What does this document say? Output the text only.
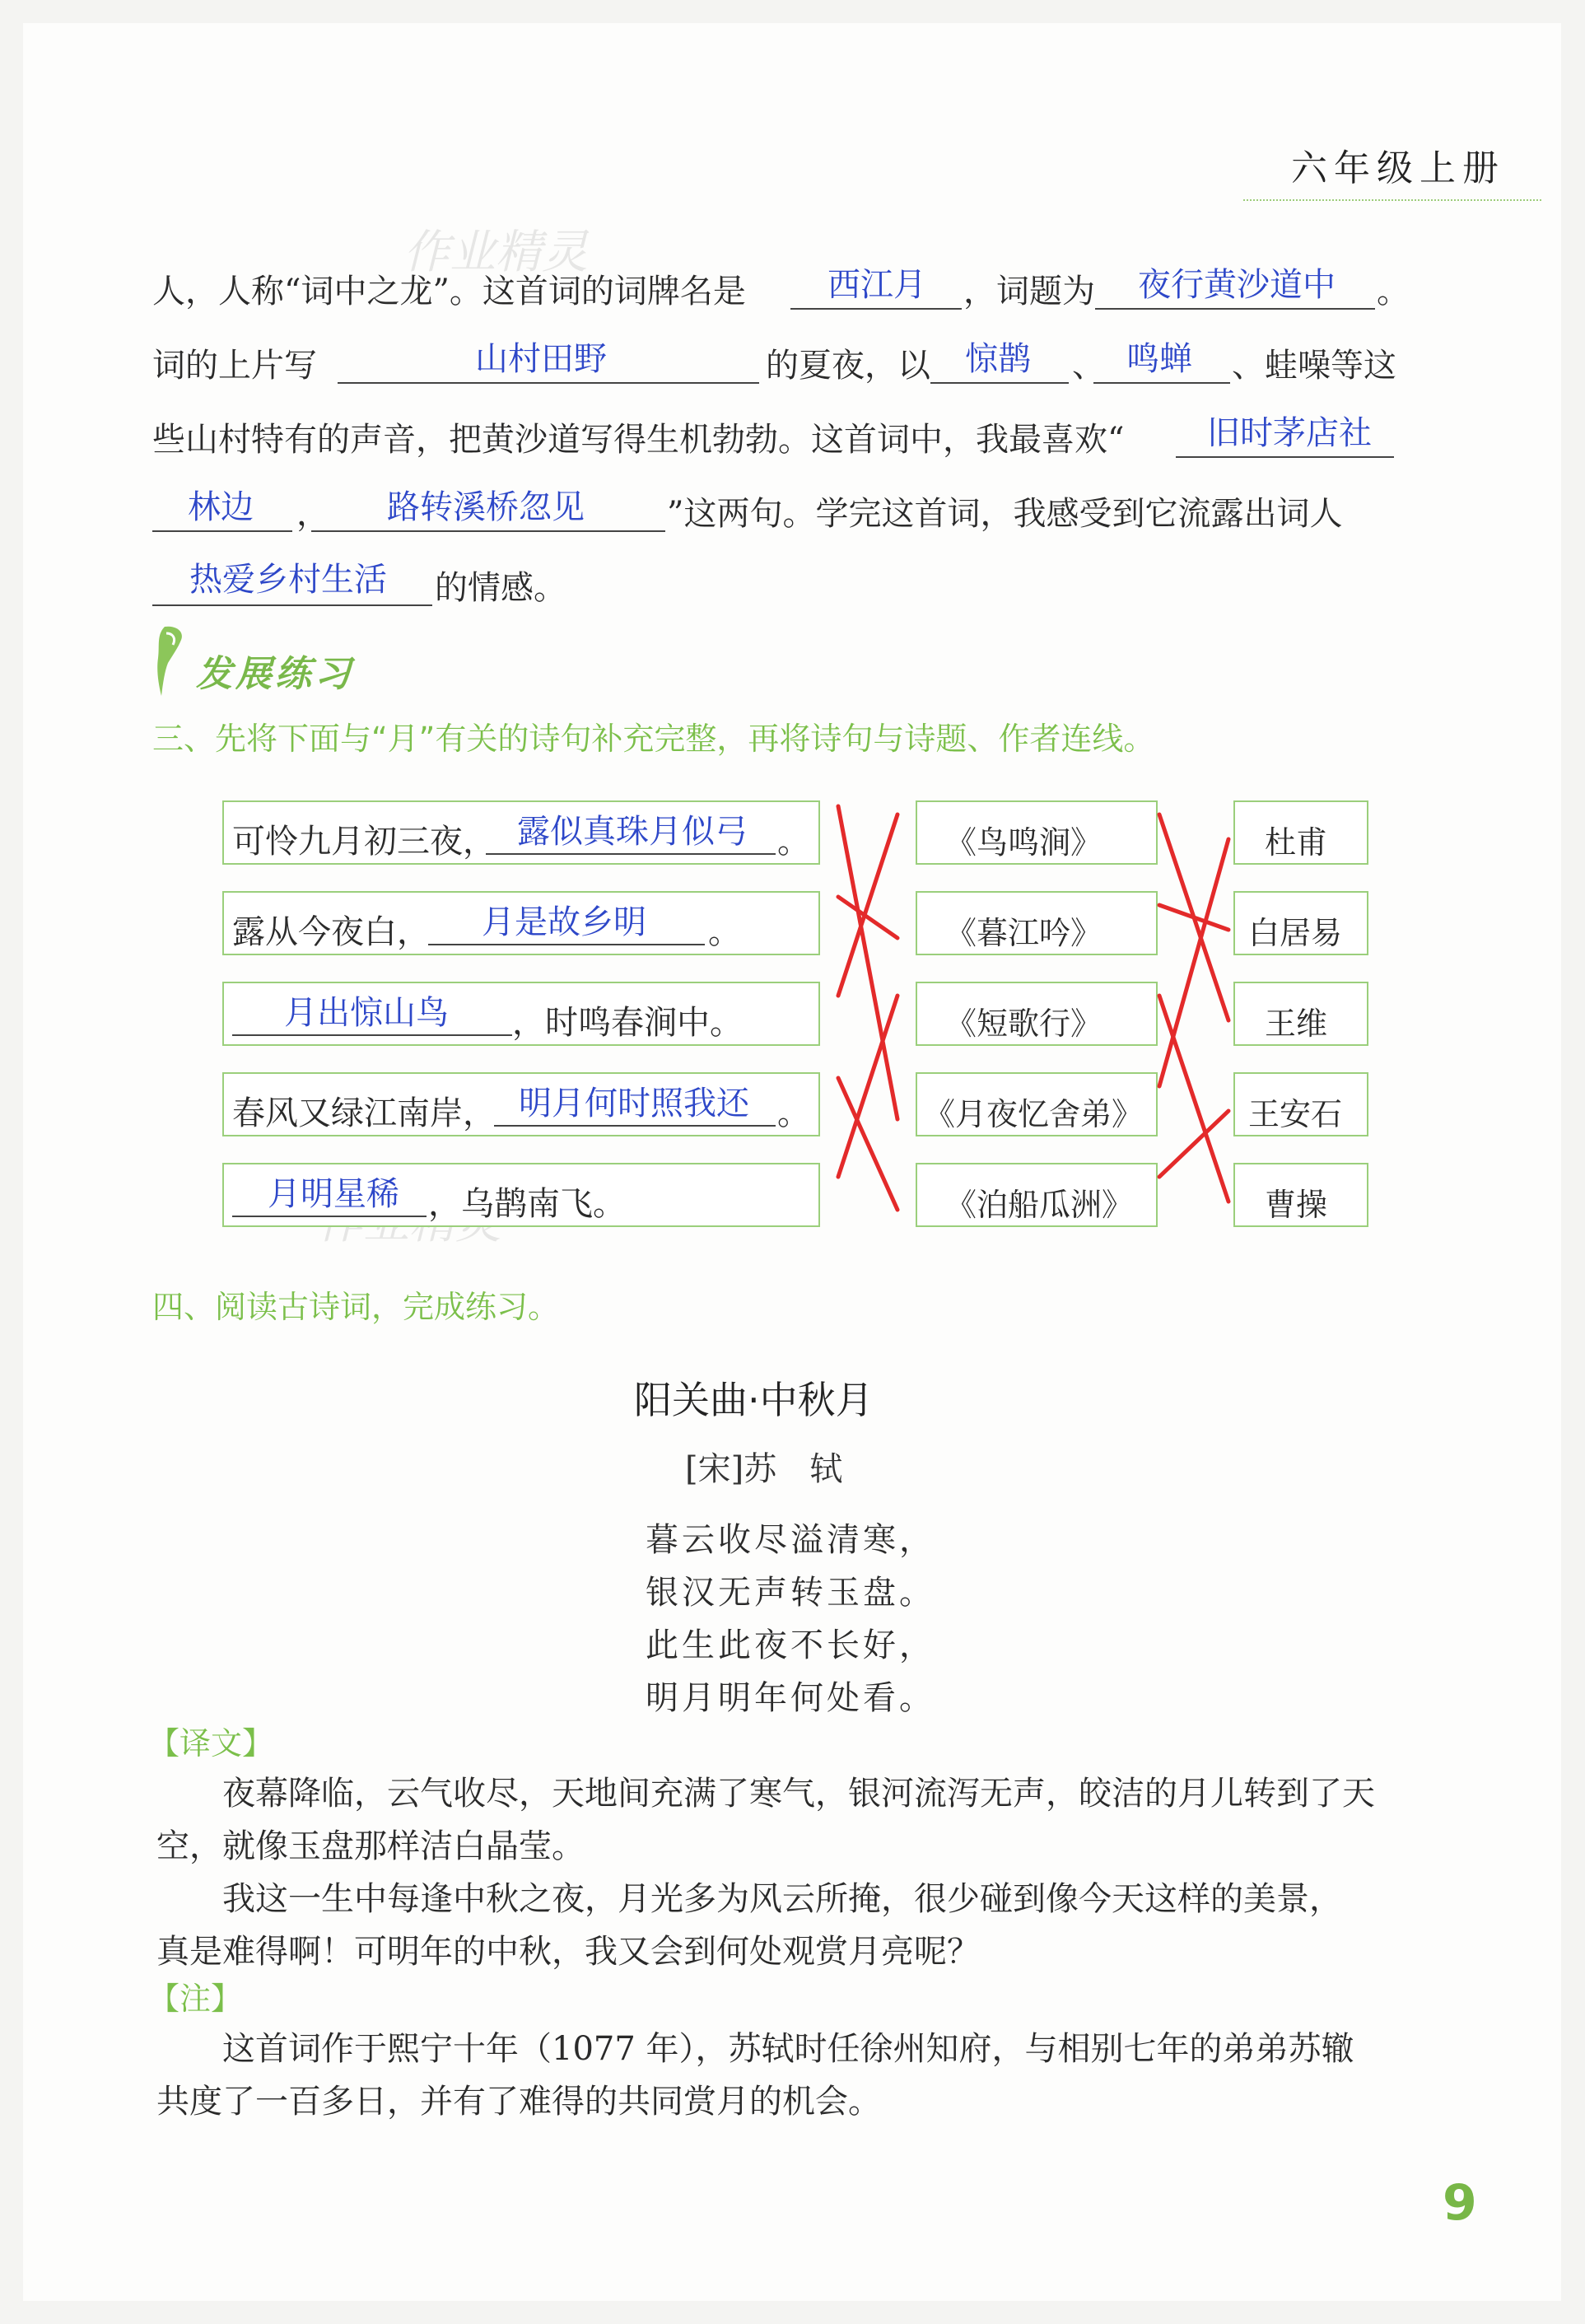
六年级上册
作业精灵
人，人称“词中之龙”。这首词的词牌名是 西江月 ，词题为 夜行黄沙道中 。
词的上片写	山村田野	的夏夜，以 惊鹊 、 鸣蝉 、蛙噪等这
些山村特有的声音，把黄沙道写得生机勃勃。这首词中，我最喜欢“	旧时茅店社
林边 ， 路转溪桥忽见	”这两句。学完这首词，我感受到它流露出词人
热爱乡村生活 的情感。
发展练习
三、先将下面与“月”有关的诗句补充完整，再将诗句与诗题、作者连线。
可怜九月初三夜， 露似真珠月似弓 。
露从今夜白， 月是故乡明 。
月出惊山鸟 ，时鸣春涧中。
春风又绿江南岸， 明月何时照我还 。
月明星稀 ，乌鹊南飞。
《鸟鸣涧》
《暮江吟》
《短歌行》
《月夜忆舍弟》
《泊船瓜洲》
杜甫
白居易
王维
王安石
曹操
四、阅读古诗词，完成练习。
阳关曲·中秋月
[宋]苏　轼
暮云收尽溢清寒，
银汉无声转玉盘。
此生此夜不长好，
明月明年何处看。
【译文】
夜幕降临，云气收尽，天地间充满了寒气，银河流泻无声，皎洁的月儿转到了天
空，就像玉盘那样洁白晶莹。
我这一生中每逢中秋之夜，月光多为风云所掩，很少碰到像今天这样的美景，
真是难得啊！可明年的中秋，我又会到何处观赏月亮呢？
【注】
这首词作于熙宁十年（1077 年），苏轼时任徐州知府，与相别七年的弟弟苏辙
共度了一百多日，并有了难得的共同赏月的机会。
9
